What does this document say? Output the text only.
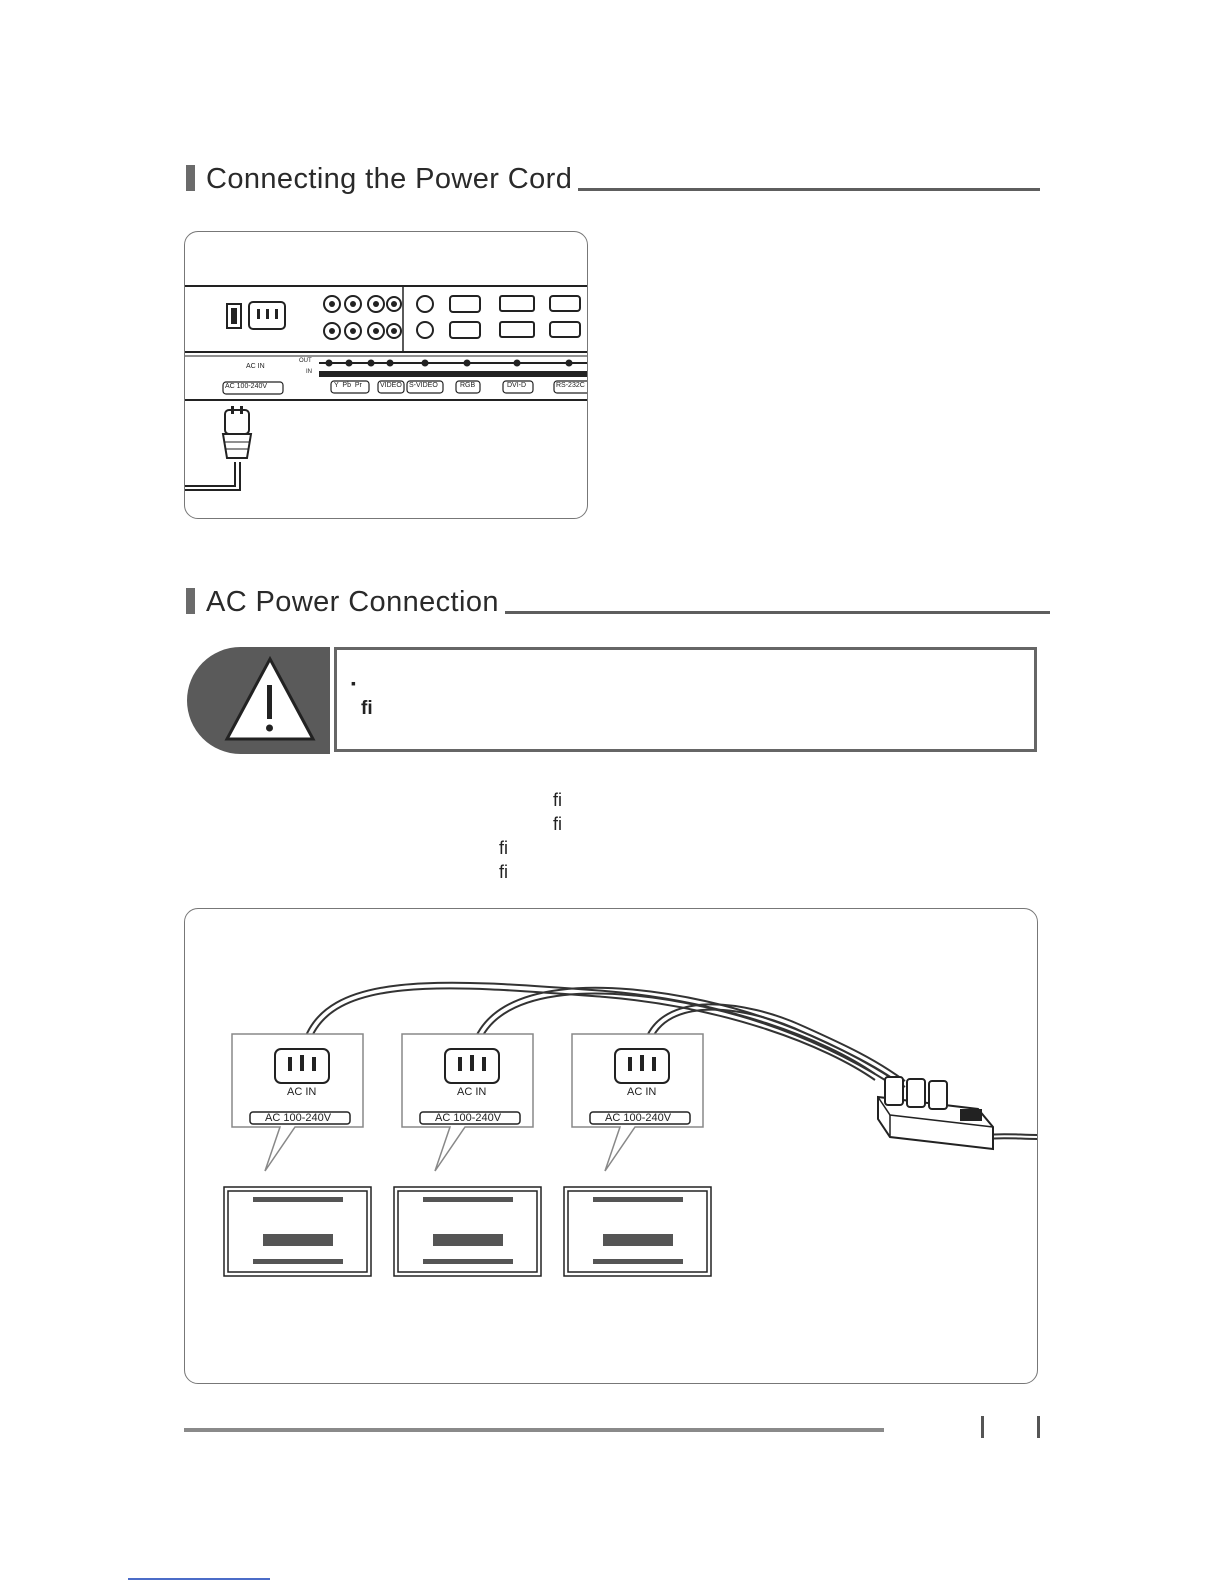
Connecting the Power Cord
AC IN
AC 100-240V
OUT
IN
Y  Pb  Pr	VIDEO S-VIDEO	RGB	DVI-D	RS-232C
AC Power Connection
▪
fi
fi
fi
fi
fi
AC IN
AC 100-240V
AC IN
AC 100-240V
AC IN
AC 100-240V
